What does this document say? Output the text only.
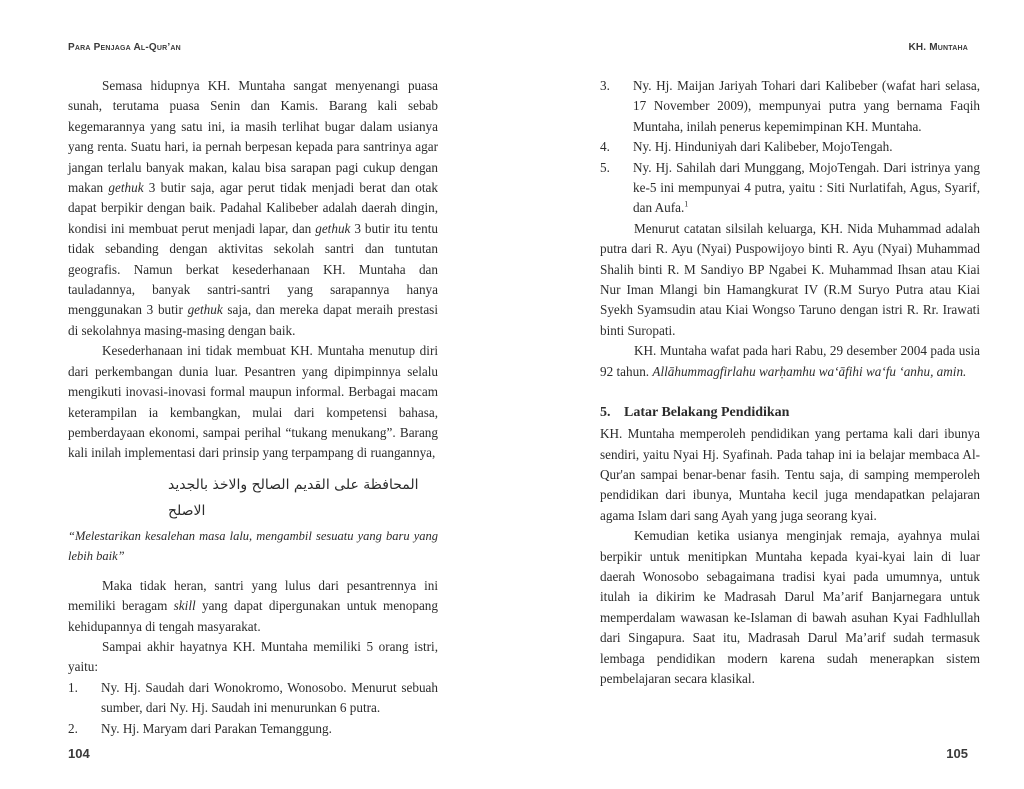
Para Penjaga Al-Qur’an

Semasa hidupnya KH. Muntaha sangat menyenangi puasa sunah, terutama puasa Senin dan Kamis. Barang kali sebab kegemarannya yang satu ini, ia masih terlihat bugar dalam usianya yang renta. Suatu hari, ia pernah berpesan kepada para santrinya agar jangan terlalu banyak makan, kalau bisa sarapan pagi cukup dengan makan gethuk 3 butir saja, agar perut tidak menjadi berat dan otak dapat berpikir dengan baik. Padahal Kalibeber adalah daerah dingin, kondisi ini membuat perut menjadi lapar, dan gethuk 3 butir itu tentu tidak sebanding dengan aktivitas sekolah santri dan tuntutan geografis. Namun berkat kesederhanaan KH. Muntaha dan tauladannya, banyak santri-santri yang sarapannya hanya menggunakan 3 butir gethuk saja, dan mereka dapat meraih prestasi di sekolahnya masing-masing dengan baik.

Kesederhanaan ini tidak membuat KH. Muntaha menutup diri dari perkembangan dunia luar. Pesantren yang dipimpinnya selalu mengikuti inovasi-inovasi formal maupun informal. Berbagai macam keterampilan ia kembangkan, mulai dari kompetensi bahasa, pemberdayaan ekonomi, sampai perihal “tukang menukang”. Barang kali inilah implementasi dari prinsip yang terpampang di ruangannya,

المحافظة على القديم الصالح والاخذ بالجديد الاصلح

“Melestarikan kesalehan masa lalu, mengambil sesuatu yang baru yang lebih baik”

Maka tidak heran, santri yang lulus dari pesantrennya ini memiliki beragam skill yang dapat dipergunakan untuk menopang kehidupannya di tengah masyarakat.

Sampai akhir hayatnya KH. Muntaha memiliki 5 orang istri, yaitu:

1. Ny. Hj. Saudah dari Wonokromo, Wonosobo. Menurut sebuah sumber, dari Ny. Hj. Saudah ini menurunkan 6 putra.
2. Ny. Hj. Maryam dari Parakan Temanggung.
104
KH. Muntaha
3. Ny. Hj. Maijan Jariyah Tohari dari Kalibeber (wafat hari selasa, 17 November 2009), mempunyai putra yang bernama Faqih Muntaha, inilah penerus kepemimpinan KH. Muntaha.
4. Ny. Hj. Hinduniyah dari Kalibeber, MojoTengah.
5. Ny. Hj. Sahilah dari Munggang, MojoTengah. Dari istrinya yang ke-5 ini mempunyai 4 putra, yaitu : Siti Nurlatifah, Agus, Syarif, dan Aufa.$^1$

Menurut catatan silsilah keluarga, KH. Nida Muhammad adalah putra dari R. Ayu (Nyai) Puspowijoyo binti R. Ayu (Nyai) Muhammad Shalih binti R. M Sandiyo BP Ngabei K. Muhammad Ihsan atau Kiai Nur Iman Mlangi bin Hamangkurat IV (R.M Suryo Putra atau Kiai Syekh Syamsudin atau Kiai Wongso Taruno dengan istri R. Rr. Irawati binti Suropati.

KH. Muntaha wafat pada hari Rabu, 29 desember 2004 pada usia 92 tahun. Allāhummagfirlahu warḥamhu wa‘āfihi wa‘fu ‘anhu, amin.

5. Latar Belakang Pendidikan

KH. Muntaha memperoleh pendidikan yang pertama kali dari ibunya sendiri, yaitu Nyai Hj. Syafinah. Pada tahap ini ia belajar membaca Al-Qur'an sampai benar-benar fasih. Tentu saja, di samping memperoleh pendidikan dari ibunya, Muntaha kecil juga mendapatkan pelajaran agama Islam dari sang Ayah yang juga seorang kyai.

Kemudian ketika usianya menginjak remaja, ayahnya mulai berpikir untuk menitipkan Muntaha kepada kyai-kyai lain di luar daerah Wonosobo sebagaimana tradisi kyai pada umumnya, untuk itulah ia dikirim ke Madrasah Darul Ma’arif Banjarnegara untuk memperdalam wawasan ke-Islaman di bawah asuhan Kyai Fadhlullah dari Singapura. Saat itu, Madrasah Darul Ma’arif sudah termasuk lembaga pendidikan modern karena sudah menerapkan sistem pembelajaran secara klasikal.

105
